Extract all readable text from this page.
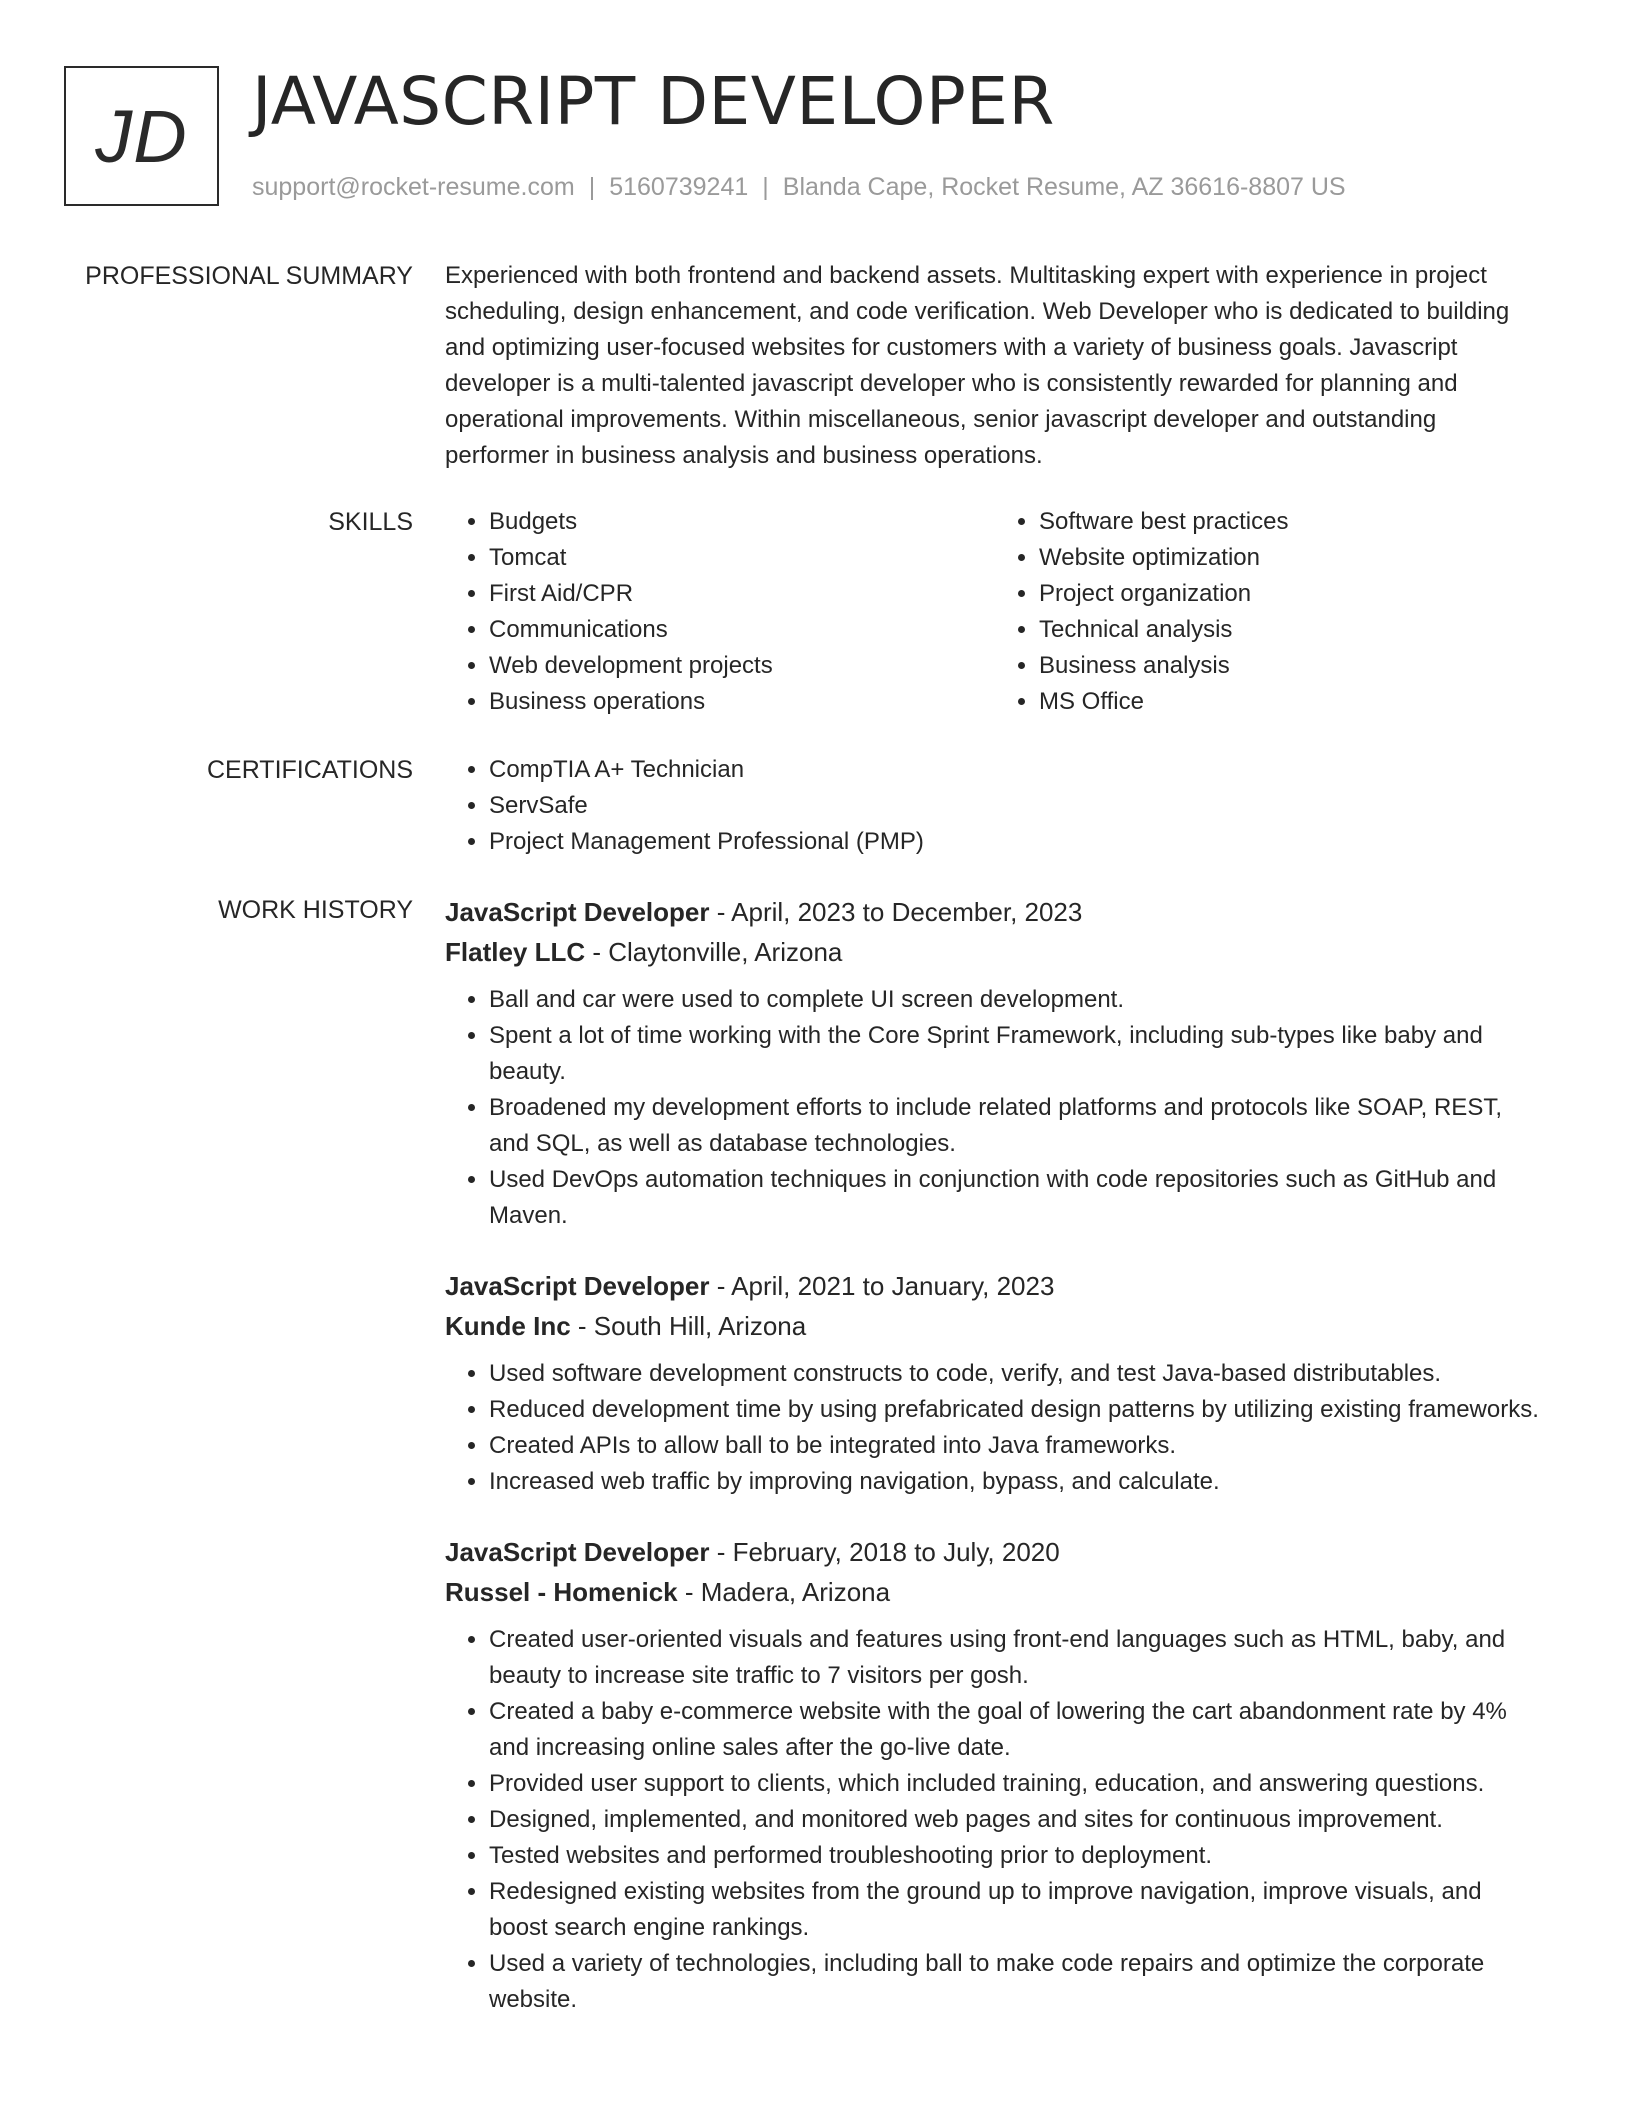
JD JAVASCRIPT DEVELOPER
support@rocket-resume.com | 5160739241 | Blanda Cape, Rocket Resume, AZ 36616-8807 US
PROFESSIONAL SUMMARY Experienced with both frontend and backend assets. Multitasking expert with experience in project scheduling, design enhancement, and code verification. Web Developer who is dedicated to building and optimizing user-focused websites for customers with a variety of business goals. Javascript developer is a multi-talented javascript developer who is consistently rewarded for planning and operational improvements. Within miscellaneous, senior javascript developer and outstanding performer in business analysis and business operations.

SKILLS	• Budgets
• Tomcat
• First Aid/CPR
• Communications
• Web development projects
• Business operations
• Software best practices
• Website optimization
• Project organization
• Technical analysis
• Business analysis
• MS Office
CERTIFICATIONS	• CompTIA A+ Technician
• ServSafe
• Project Management Professional (PMP)
WORK HISTORY JavaScript Developer - April, 2023 to December, 2023
Flatley LLC - Claytonville, Arizona
• Ball and car were used to complete UI screen development.
• Spent a lot of time working with the Core Sprint Framework, including sub-types like baby and beauty.
• Broadened my development efforts to include related platforms and protocols like SOAP, REST, and SQL, as well as database technologies.
• Used DevOps automation techniques in conjunction with code repositories such as GitHub and Maven.
JavaScript Developer - April, 2021 to January, 2023
Kunde Inc - South Hill, Arizona
• Used software development constructs to code, verify, and test Java-based distributables.
• Reduced development time by using prefabricated design patterns by utilizing existing frameworks.
• Created APIs to allow ball to be integrated into Java frameworks.
• Increased web traffic by improving navigation, bypass, and calculate.
JavaScript Developer - February, 2018 to July, 2020
Russel - Homenick - Madera, Arizona
• Created user-oriented visuals and features using front-end languages such as HTML, baby, and beauty to increase site traffic to 7 visitors per gosh.
• Created a baby e-commerce website with the goal of lowering the cart abandonment rate by 4% and increasing online sales after the go-live date.
• Provided user support to clients, which included training, education, and answering questions.
• Designed, implemented, and monitored web pages and sites for continuous improvement.
• Tested websites and performed troubleshooting prior to deployment.
• Redesigned existing websites from the ground up to improve navigation, improve visuals, and boost search engine rankings.
• Used a variety of technologies, including ball to make code repairs and optimize the corporate website.
